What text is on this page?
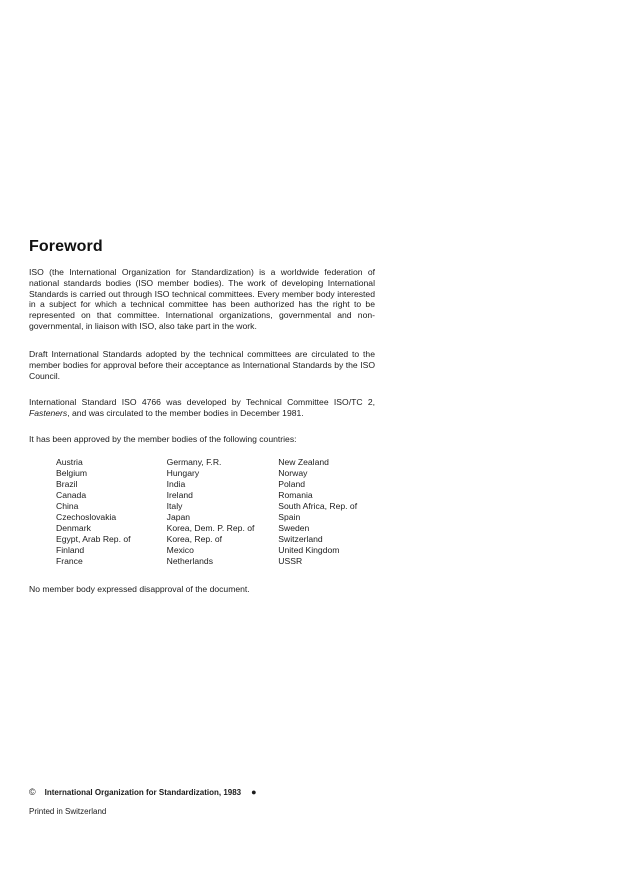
Foreword

ISO (the International Organization for Standardization) is a worldwide federation of national standards bodies (ISO member bodies). The work of developing International Standards is carried out through ISO technical committees. Every member body interested in a subject for which a technical committee has been authorized has the right to be represented on that committee. International organizations, governmental and non-governmental, in liaison with ISO, also take part in the work.

Draft International Standards adopted by the technical committees are circulated to the member bodies for approval before their acceptance as International Standards by the ISO Council.

International Standard ISO 4766 was developed by Technical Committee ISO/TC 2, Fasteners, and was circulated to the member bodies in December 1981.

It has been approved by the member bodies of the following countries:

Austria
Belgium
Brazil
Canada
China
Czechoslovakia
Denmark
Egypt, Arab Rep. of
Finland
France
Germany, F.R.
Hungary
India
Ireland
Italy
Japan
Korea, Dem. P. Rep. of
Korea, Rep. of
Mexico
Netherlands
New Zealand
Norway
Poland
Romania
South Africa, Rep. of
Spain
Sweden
Switzerland
United Kingdom
USSR

No member body expressed disapproval of the document.

© International Organization for Standardization, 1983 ●
Printed in Switzerland
